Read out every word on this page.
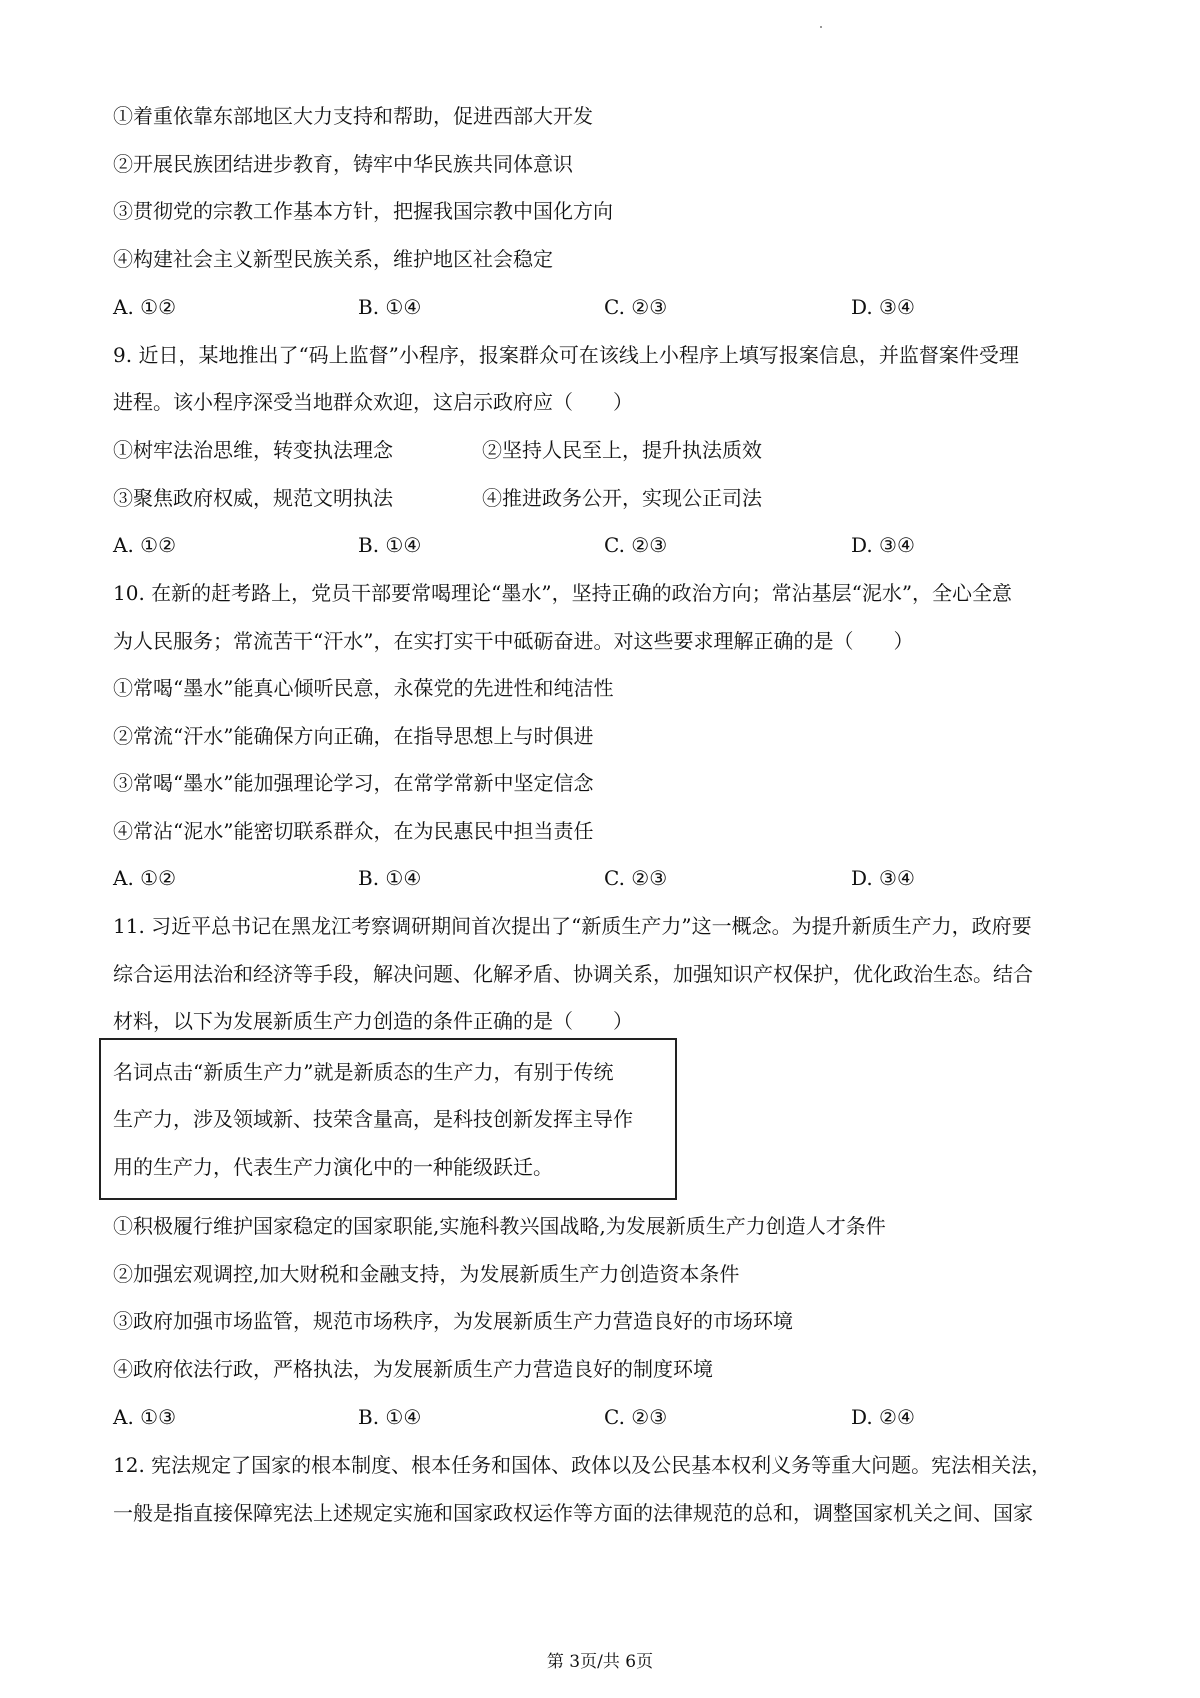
①着重依靠东部地区大力支持和帮助，促进西部大开发
②开展民族团结进步教育，铸牢中华民族共同体意识
③贯彻党的宗教工作基本方针，把握我国宗教中国化方向
④构建社会主义新型民族关系，维护地区社会稳定
A. ①②	B. ①④	C. ②③	D. ③④
9. 近日，某地推出了“码上监督”小程序，报案群众可在该线上小程序上填写报案信息，并监督案件受理
进程。该小程序深受当地群众欢迎，这启示政府应（　　）
①树牢法治思维，转变执法理念	②坚持人民至上，提升执法质效
③聚焦政府权威，规范文明执法	④推进政务公开，实现公正司法
A. ①②	B. ①④	C. ②③	D. ③④
10. 在新的赶考路上，党员干部要常喝理论“墨水”，坚持正确的政治方向；常沾基层“泥水”，全心全意
为人民服务；常流苦干“汗水”，在实打实干中砥砺奋进。对这些要求理解正确的是（　　）
①常喝“墨水”能真心倾听民意，永葆党的先进性和纯洁性
②常流“汗水”能确保方向正确，在指导思想上与时俱进
③常喝“墨水”能加强理论学习，在常学常新中坚定信念
④常沾“泥水”能密切联系群众，在为民惠民中担当责任
A. ①②	B. ①④	C. ②③	D. ③④
11. 习近平总书记在黑龙江考察调研期间首次提出了“新质生产力”这一概念。为提升新质生产力，政府要
综合运用法治和经济等手段，解决问题、化解矛盾、协调关系，加强知识产权保护，优化政治生态。结合
材料，以下为发展新质生产力创造的条件正确的是（　　）
名词点击“新质生产力”就是新质态的生产力，有别于传统
生产力，涉及领域新、技荣含量高，是科技创新发挥主导作
用的生产力，代表生产力演化中的一种能级跃迁。
①积极履行维护国家稳定的国家职能,实施科教兴国战略,为发展新质生产力创造人才条件
②加强宏观调控,加大财税和金融支持，为发展新质生产力创造资本条件
③政府加强市场监管，规范市场秩序，为发展新质生产力营造良好的市场环境
④政府依法行政，严格执法，为发展新质生产力营造良好的制度环境
A. ①③	B. ①④	C. ②③	D. ②④
12. 宪法规定了国家的根本制度、根本任务和国体、政体以及公民基本权利义务等重大问题。宪法相关法，
一般是指直接保障宪法上述规定实施和国家政权运作等方面的法律规范的总和，调整国家机关之间、国家
第 3页/共 6页
